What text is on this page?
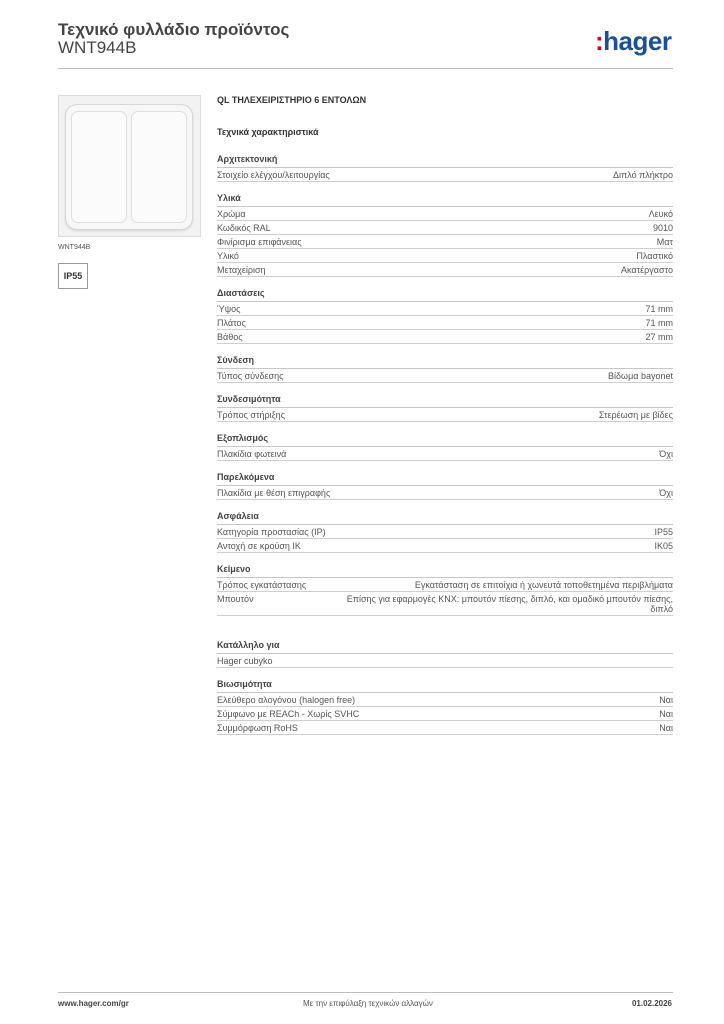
Τεχνικό φυλλάδιο προϊόντος
WNT944B	:hager
WNT944B
IP55
QL ΤΗΛΕΧΕΙΡΙΣΤΗΡΙΟ 6 ΕΝΤΟΛΩΝ
Τεχνικά χαρακτηριστικά
Αρχιτεκτονική
Στοιχείο ελέγχου/λειτουργίας	Διπλό πλήκτρο
Υλικά
Χρώμα	Λευκό
Κωδικός RAL	9010
Φινίρισμα επιφάνειας	Ματ
Υλικό	Πλαστικό
Μεταχείριση	Ακατέργαστο
Διαστάσεις
Ύψος	71 mm
Πλάτος	71 mm
Βάθος	27 mm
Σύνδεση
Τύπος σύνδεσης	Βίδωμα bayonet
Συνδεσιμότητα
Τρόπος στήριξης	Στερέωση με βίδες
Εξοπλισμός
Πλακίδια φωτεινά	Όχι
Παρελκόμενα
Πλακίδια με θέση επιγραφής	Όχι
Ασφάλεια
Κατηγορία προστασίας (IP)	IP55
Αντοχή σε κρούση IK	IK05
Κείμενο
Τρόπος εγκατάστασης	Εγκατάσταση σε επιτοίχια ή χωνευτά τοποθετημένα περιβλήματα
Μπουτόν	Επίσης για εφαρμογές KNX: μπουτόν πίεσης, διπλό, και ομαδικό μπουτόν πίεσης, διπλό
Κατάλληλο για
Hager cubyko
Βιωσιμότητα
Ελεύθερο αλογόνου (halogen free)	Ναι
Σύμφωνο με REACh - Χωρίς SVHC	Ναι
Συμμόρφωση RoHS	Ναι
www.hager.com/gr	Με την επιφύλαξη τεχνικών αλλαγών	01.02.2026
